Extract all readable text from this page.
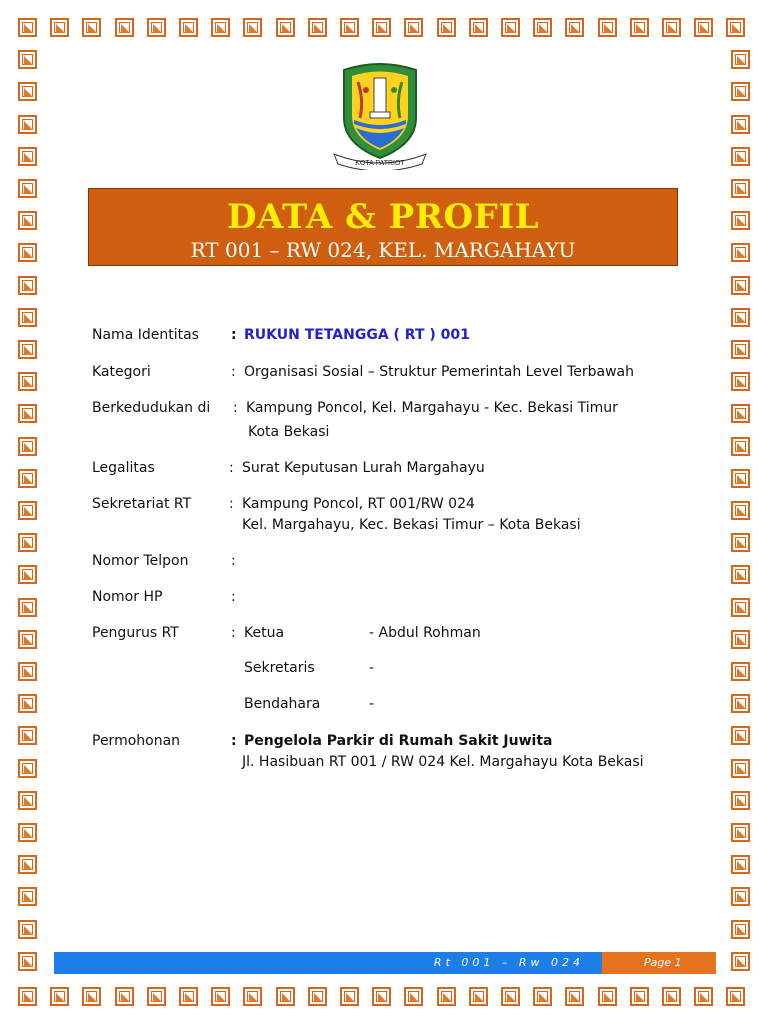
KOTA PATRIOT
DATA & PROFIL
RT 001 – RW 024, KEL. MARGAHAYU
Nama Identitas : RUKUN TETANGGA ( RT ) 001
Kategori	: Organisasi Sosial – Struktur Pemerintah Level Terbawah
Berkedudukan di : Kampung Poncol, Kel. Margahayu - Kec. Bekasi Timur
Kota Bekasi
Legalitas	: Surat Keputusan Lurah Margahayu
Sekretariat RT	: Kampung Poncol, RT 001/RW 024
Kel. Margahayu, Kec. Bekasi Timur – Kota Bekasi
Nomor Telpon	:
Nomor HP	:
Pengurus RT	: Ketua	- Abdul Rohman
Sekretaris	-
Bendahara	-
Permohonan	: Pengelola Parkir di Rumah Sakit Juwita
Jl. Hasibuan RT 001 / RW 024 Kel. Margahayu Kota Bekasi
Rt 001 – Rw 024	Page 1
